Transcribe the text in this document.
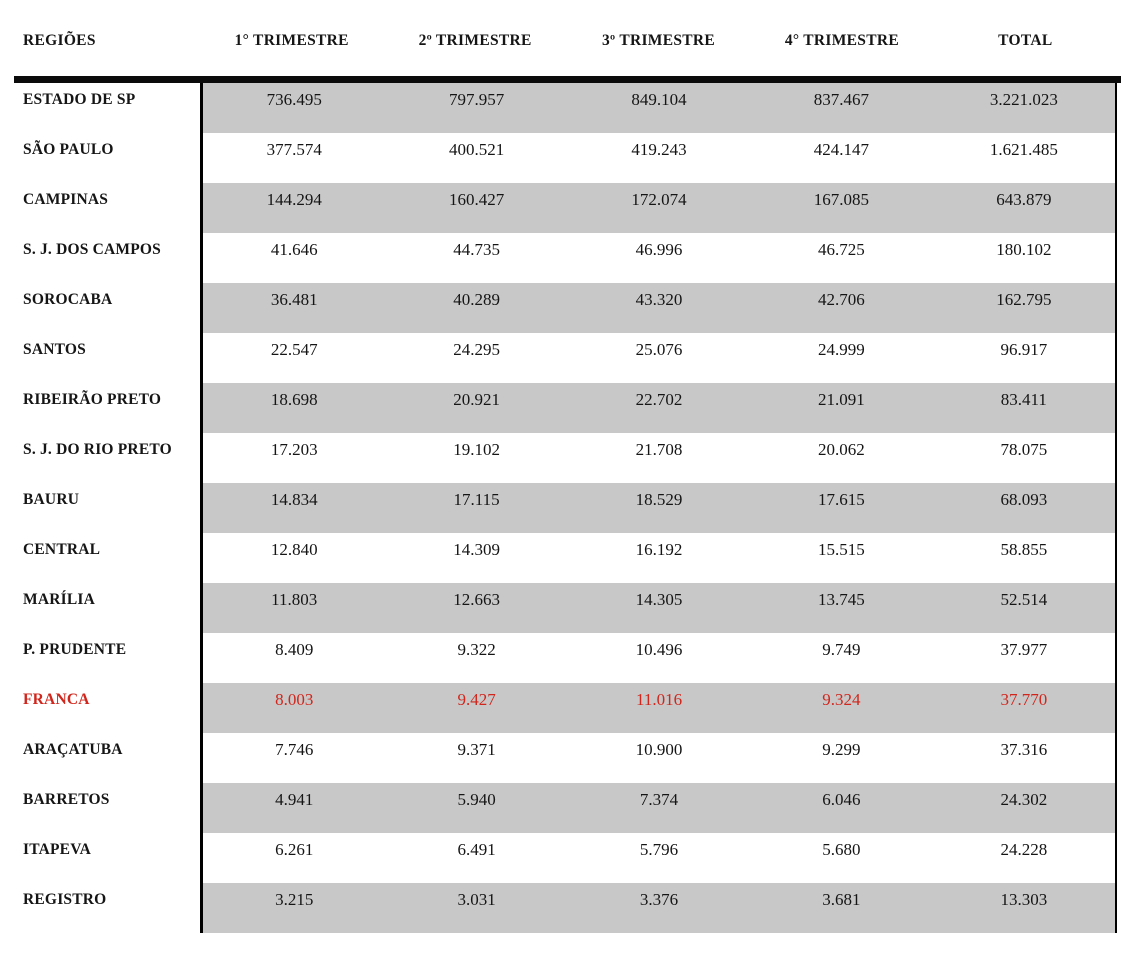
REGIÕES	1° TRIMESTRE	2º TRIMESTRE	3º TRIMESTRE	4° TRIMESTRE	TOTAL
ESTADO DE SP	736.495	797.957	849.104	837.467	3.221.023
SÃO PAULO	377.574	400.521	419.243	424.147	1.621.485
CAMPINAS	144.294	160.427	172.074	167.085	643.879
S. J. DOS CAMPOS	41.646	44.735	46.996	46.725	180.102
SOROCABA	36.481	40.289	43.320	42.706	162.795
SANTOS	22.547	24.295	25.076	24.999	96.917
RIBEIRÃO PRETO	18.698	20.921	22.702	21.091	83.411
S. J. DO RIO PRETO	17.203	19.102	21.708	20.062	78.075
BAURU	14.834	17.115	18.529	17.615	68.093
CENTRAL	12.840	14.309	16.192	15.515	58.855
MARÍLIA	11.803	12.663	14.305	13.745	52.514
P. PRUDENTE	8.409	9.322	10.496	9.749	37.977
FRANCA	8.003	9.427	11.016	9.324	37.770
ARAÇATUBA	7.746	9.371	10.900	9.299	37.316
BARRETOS	4.941	5.940	7.374	6.046	24.302
ITAPEVA	6.261	6.491	5.796	5.680	24.228
REGISTRO	3.215	3.031	3.376	3.681	13.303
